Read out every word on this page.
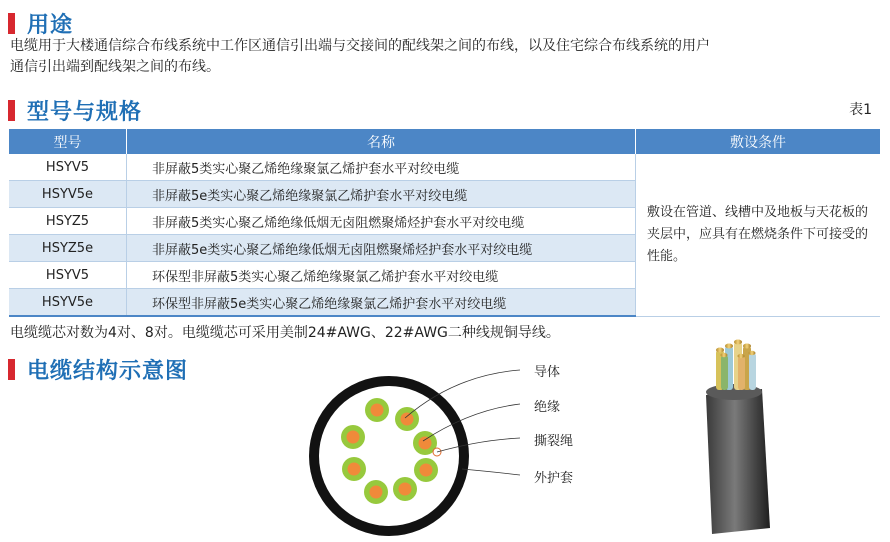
用途
电缆用于大楼通信综合布线系统中工作区通信引出端与交接间的配线架之间的布线，以及住宅综合布线系统的用户
通信引出端到配线架之间的布线。
型号与规格	表1
型号	名称	敷设条件
HSYV5	非屏蔽5类实心聚乙烯绝缘聚氯乙烯护套水平对绞电缆	敷设在管道、线槽中及地板与天花板的夹层中，应具有在燃烧条件下可接受的性能。
HSYV5e	非屏蔽5e类实心聚乙烯绝缘聚氯乙烯护套水平对绞电缆	
HSYZ5	非屏蔽5类实心聚乙烯绝缘低烟无卤阻燃聚烯烃护套水平对绞电缆	
HSYZ5e	非屏蔽5e类实心聚乙烯绝缘低烟无卤阻燃聚烯烃护套水平对绞电缆	
HSYV5	环保型非屏蔽5类实心聚乙烯绝缘聚氯乙烯护套水平对绞电缆	
HSYV5e	环保型非屏蔽5e类实心聚乙烯绝缘聚氯乙烯护套水平对绞电缆	
电缆缆芯对数为4对、8对。电缆缆芯可采用美制24#AWG、22#AWG二种线规铜导线。
电缆结构示意图	导体
绝缘
撕裂绳
外护套
